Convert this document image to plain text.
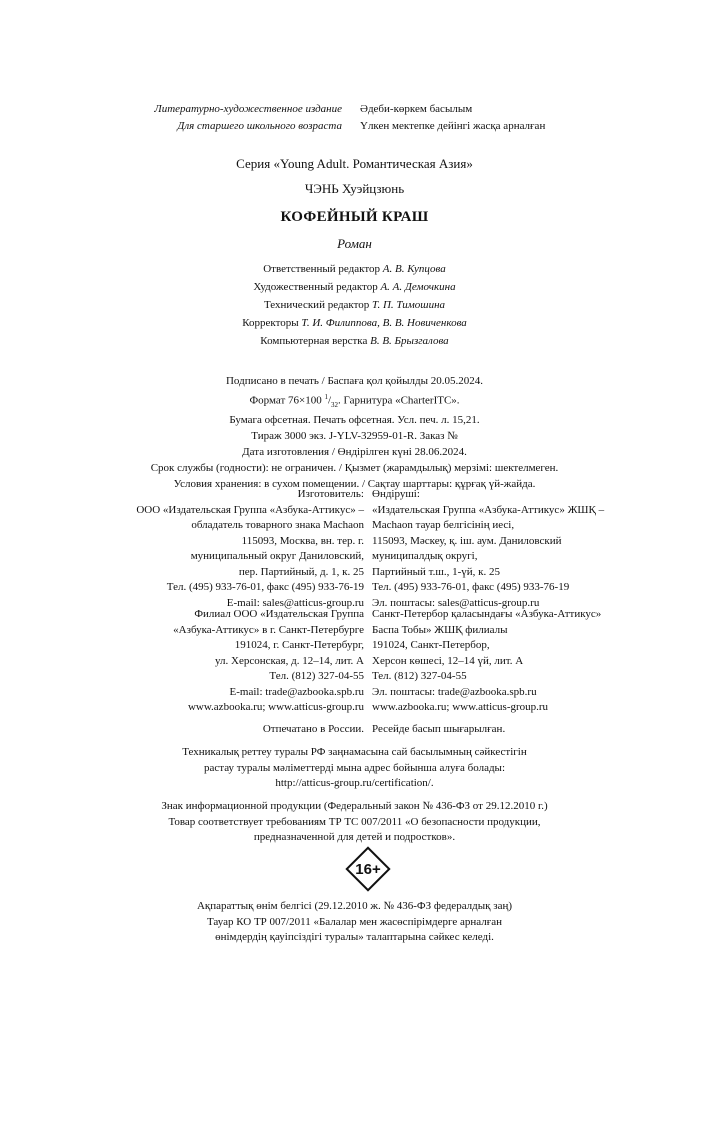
Литературно-художественное издание	Әдеби-көркем басылым
Для старшего школьного возраста	Үлкен мектепке дейінгі жасқа арналған
Серия «Young Adult. Романтическая Азия»
ЧЭНЬ Хуэйцзюнь
КОФЕЙНЫЙ КРАШ
Роман
Ответственный редактор А. В. Купцова
Художественный редактор А. А. Демочкина
Технический редактор Т. П. Тимошина
Корректоры Т. И. Филиппова, В. В. Новиченкова
Компьютерная верстка В. В. Брызгалова
Подписано в печать / Баспаға қол қойылды 20.05.2024.
Формат 76×100 $^1/_{32}$. Гарнитура «CharterITC».
Бумага офсетная. Печать офсетная. Усл. печ. л. 15,21.
Тираж 3000 экз. J-YLV-32959-01-R. Заказ №
Дата изготовления / Өндірілген күні 28.06.2024.
Срок службы (годности): не ограничен. / Қызмет (жарамдылық) мерзімі: шектелмеген.
Условия хранения: в сухом помещении. / Сақтау шарттары: құрғақ үй-жайда.
Изготовитель:
ООО «Издательская Группа «Азбука-Аттикус» –
обладатель товарного знака Machaon
115093, Москва, вн. тер. г.
муниципальный округ Даниловский,
пер. Партийный, д. 1, к. 25
Тел. (495) 933-76-01, факс (495) 933-76-19
E-mail: sales@atticus-group.ru
Өндіруші:
«Издательская Группа «Азбука-Аттикус» ЖШҚ –
Machaon тауар белгісінің иесі,
115093, Мәскеу, қ. іш. аум. Даниловский
муниципалдық округі,
Партийный т.ш., 1-үй, к. 25
Тел. (495) 933-76-01, факс (495) 933-76-19
Эл. поштасы: sales@atticus-group.ru
Филиал ООО «Издательская Группа
«Азбука-Аттикус» в г. Санкт-Петербурге
191024, г. Санкт-Петербург,
ул. Херсонская, д. 12–14, лит. А
Тел. (812) 327-04-55
E-mail: trade@azbooka.spb.ru
Санкт-Петербор қаласындағы «Азбука-Аттикус»
Баспа Тобы» ЖШҚ филиалы
191024, Санкт-Петербор,
Херсон көшесі, 12–14 үй, лит. А
Тел. (812) 327-04-55
Эл. поштасы: trade@azbooka.spb.ru
www.azbooka.ru; www.atticus-group.ru www.azbooka.ru; www.atticus-group.ru
Отпечатано в России. Ресейде басып шығарылған.
Техникалық реттеу туралы РФ заңнамасына сай басылымның сәйкестігін
растау туралы мәліметтерді мына адрес бойынша алуға болады:
http://atticus-group.ru/certification/.
Знак информационной продукции (Федеральный закон № 436-ФЗ от 29.12.2010 г.)
Товар соответствует требованиям ТР ТС 007/2011 «О безопасности продукции,
предназначенной для детей и подростков».
16+
Ақпараттық өнім белгісі (29.12.2010 ж. № 436-ФЗ федералдық заң)
Тауар КО ТР 007/2011 «Балалар мен жасөспірімдерге арналған
өнімдердің қауіпсіздігі туралы» талаптарына сәйкес келеді.
